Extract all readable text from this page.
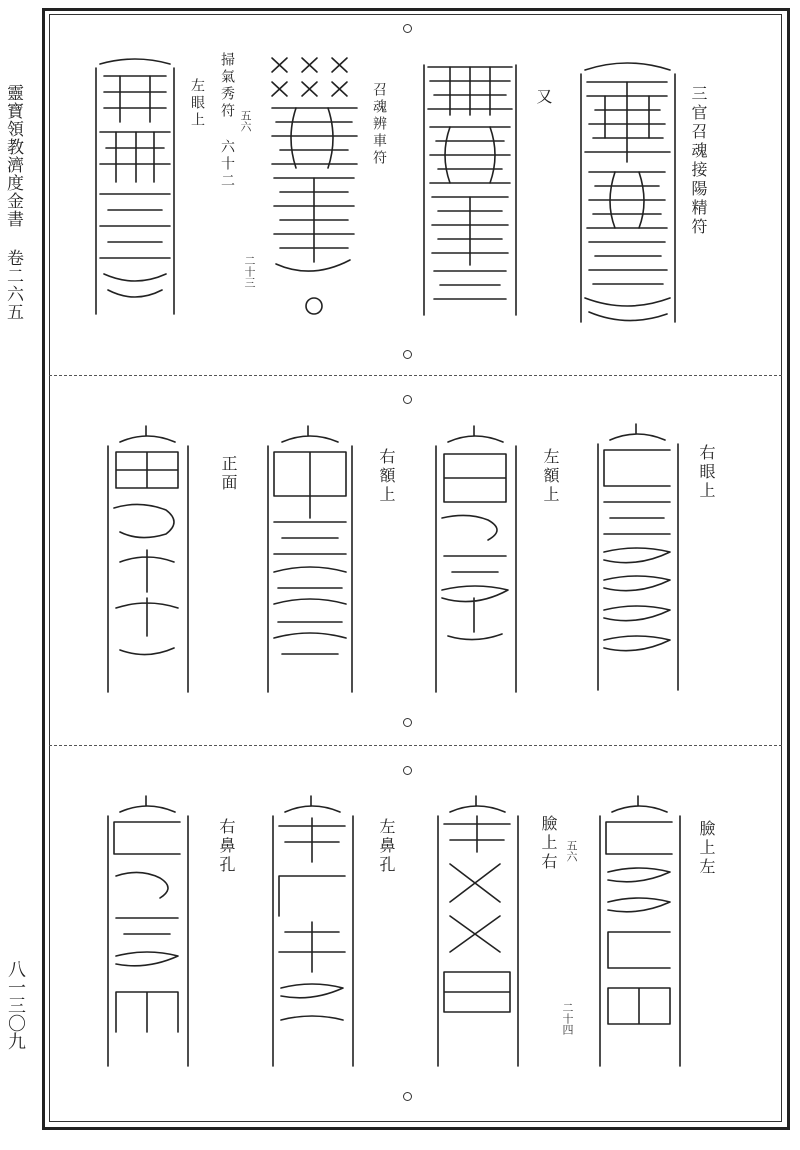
靈寶領教濟度金書 卷二六五
八一三〇九
三官召魂接陽精符
又
召魂辨車符
二十三
掃氣秀符 六十二 五六
左眼上
右眼上
左額上
右額上
正面
臉上左
臉上右 五六
二十四
左鼻孔
右鼻孔
